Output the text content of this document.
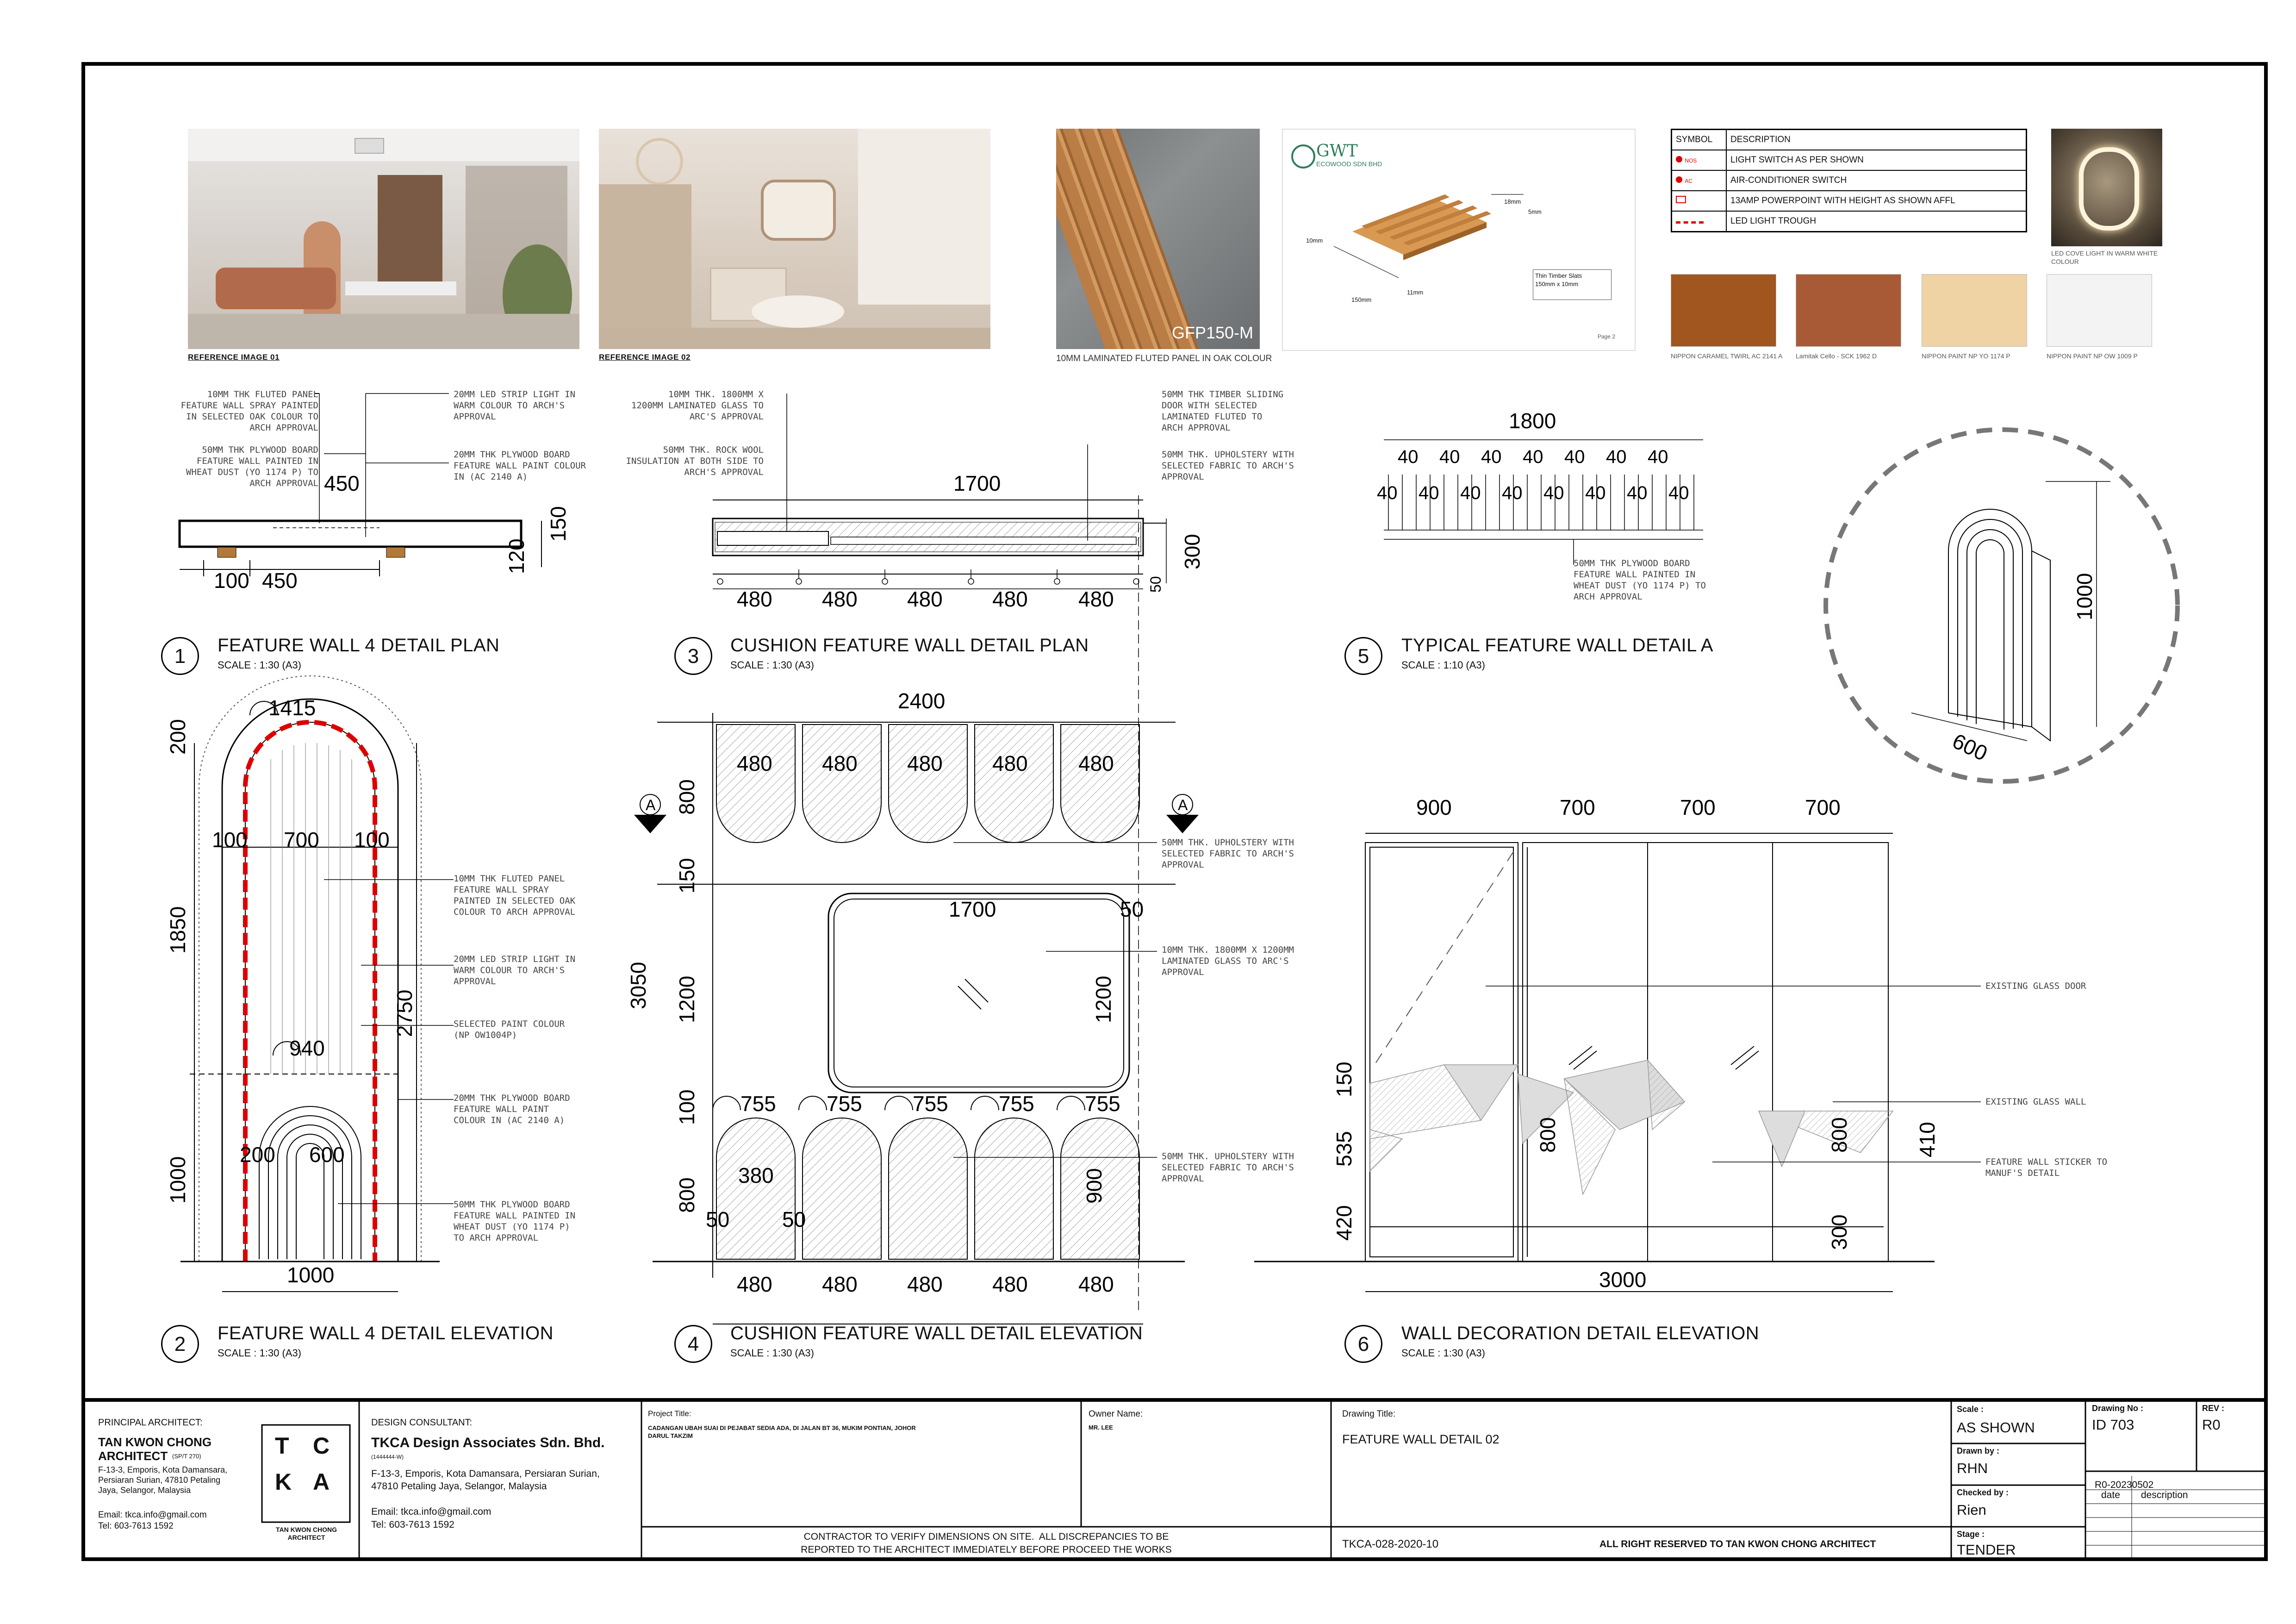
REFERENCE IMAGE 01	REFERENCE IMAGE 02
GFP150-M
10MM LAMINATED FLUTED PANEL IN OAK COLOUR
GWT
ECOWOOD SDN BHD
18mm
5mm
10mm
150mm
11mm
Thin Timber Slats
150mm x 10mm
Page 2
SYMBOL	DESCRIPTION
NOS	LIGHT SWITCH AS PER SHOWN
AC	AIR-CONDITIONER SWITCH
	13AMP POWERPOINT WITH HEIGHT AS SHOWN AFFL
	LED LIGHT TROUGH
LED COVE LIGHT IN WARM WHITE COLOUR
NIPPON CARAMEL TWIRL AC 2141 A	Lamitak Cello - SCK 1962 D	NIPPON PAINT NP YO 1174 P	NIPPON PAINT NP OW 1009 P
450
150
120
100 450
1700
300
50
480 480 480 480 480
1800
40 40 40 40 40 40 40
40 40 40 40 40 40 40 40
1000
600
1415
200
100 700 100
1850
2750
940
200 600
1000
1000
A	A
2400
480 480 480 480 480
800
150
1700	50
1200	1200
3050
100 755 755 755 755 755
380	900
800
50 50
480 480 480 480 480
900	700	700	700
150
535
420
800	800	410
300
3000
10MM THK FLUTED PANEL
FEATURE WALL SPRAY PAINTED
IN SELECTED OAK COLOUR TO
ARCH APPROVAL
50MM THK PLYWOOD BOARD
FEATURE WALL PAINTED IN
WHEAT DUST (YO 1174 P) TO
ARCH APPROVAL
20MM LED STRIP LIGHT IN
WARM COLOUR TO ARCH'S
APPROVAL
20MM THK PLYWOOD BOARD
FEATURE WALL PAINT COLOUR
IN (AC 2140 A)
10MM THK. 1800MM X
1200MM LAMINATED GLASS TO
ARC'S APPROVAL
50MM THK. ROCK WOOL
INSULATION AT BOTH SIDE TO
ARCH'S APPROVAL
50MM THK TIMBER SLIDING
DOOR WITH SELECTED
LAMINATED FLUTED TO
ARCH APPROVAL
50MM THK. UPHOLSTERY WITH
SELECTED FABRIC TO ARCH'S
APPROVAL
50MM THK PLYWOOD BOARD
FEATURE WALL PAINTED IN
WHEAT DUST (YO 1174 P) TO
ARCH APPROVAL
10MM THK FLUTED PANEL
FEATURE WALL SPRAY
PAINTED IN SELECTED OAK
COLOUR TO ARCH APPROVAL
20MM LED STRIP LIGHT IN
WARM COLOUR TO ARCH'S
APPROVAL
SELECTED PAINT COLOUR
(NP OW1004P)
20MM THK PLYWOOD BOARD
FEATURE WALL PAINT
COLOUR IN (AC 2140 A)
50MM THK PLYWOOD BOARD
FEATURE WALL PAINTED IN
WHEAT DUST (YO 1174 P)
TO ARCH APPROVAL
50MM THK. UPHOLSTERY WITH
SELECTED FABRIC TO ARCH'S
APPROVAL
10MM THK. 1800MM X 1200MM
LAMINATED GLASS TO ARC'S
APPROVAL
50MM THK. UPHOLSTERY WITH
SELECTED FABRIC TO ARCH'S
APPROVAL
EXISTING GLASS DOOR
EXISTING GLASS WALL
FEATURE WALL STICKER TO
MANUF'S DETAIL
1	FEATURE WALL 4 DETAIL PLAN
SCALE : 1:30 (A3)	3	CUSHION FEATURE WALL DETAIL PLAN
SCALE : 1:30 (A3)	5	TYPICAL FEATURE WALL DETAIL A
SCALE : 1:10 (A3)
2	FEATURE WALL 4 DETAIL ELEVATION
SCALE : 1:30 (A3)	4	CUSHION FEATURE WALL DETAIL ELEVATION
SCALE : 1:30 (A3)	6	WALL DECORATION DETAIL ELEVATION
SCALE : 1:30 (A3)
PRINCIPAL ARCHITECT:
TAN KWON CHONG
ARCHITECT (SP/T 270)
F-13-3, Emporis, Kota Damansara,
Persiaran Surian, 47810 Petaling
Jaya, Selangor, Malaysia
Email: tkca.info@gmail.com
Tel: 603-7613 1592
T C
K A
TAN KWON CHONG
ARCHITECT
DESIGN CONSULTANT:
TKCA Design Associates Sdn. Bhd.
(1444444-W)
F-13-3, Emporis, Kota Damansara, Persiaran Surian,
47810 Petaling Jaya, Selangor, Malaysia
Email: tkca.info@gmail.com
Tel: 603-7613 1592
Project Title:
CADANGAN UBAH SUAI DI PEJABAT SEDIA ADA, DI JALAN BT 36, MUKIM PONTIAN, JOHOR
DARUL TAKZIM
Owner Name:
MR. LEE
Drawing Title:
FEATURE WALL DETAIL 02
CONTRACTOR TO VERIFY DIMENSIONS ON SITE.  ALL DISCREPANCIES TO BE
REPORTED TO THE ARCHITECT IMMEDIATELY BEFORE PROCEED THE WORKS	TKCA-028-2020-10	ALL RIGHT RESERVED TO TAN KWON CHONG ARCHITECT
Scale :
AS SHOWN
Drawn by :
RHN
Checked by :
Rien
Stage :
TENDER
Drawing No :
ID 703
REV :
R0
R0-20230502
date description
